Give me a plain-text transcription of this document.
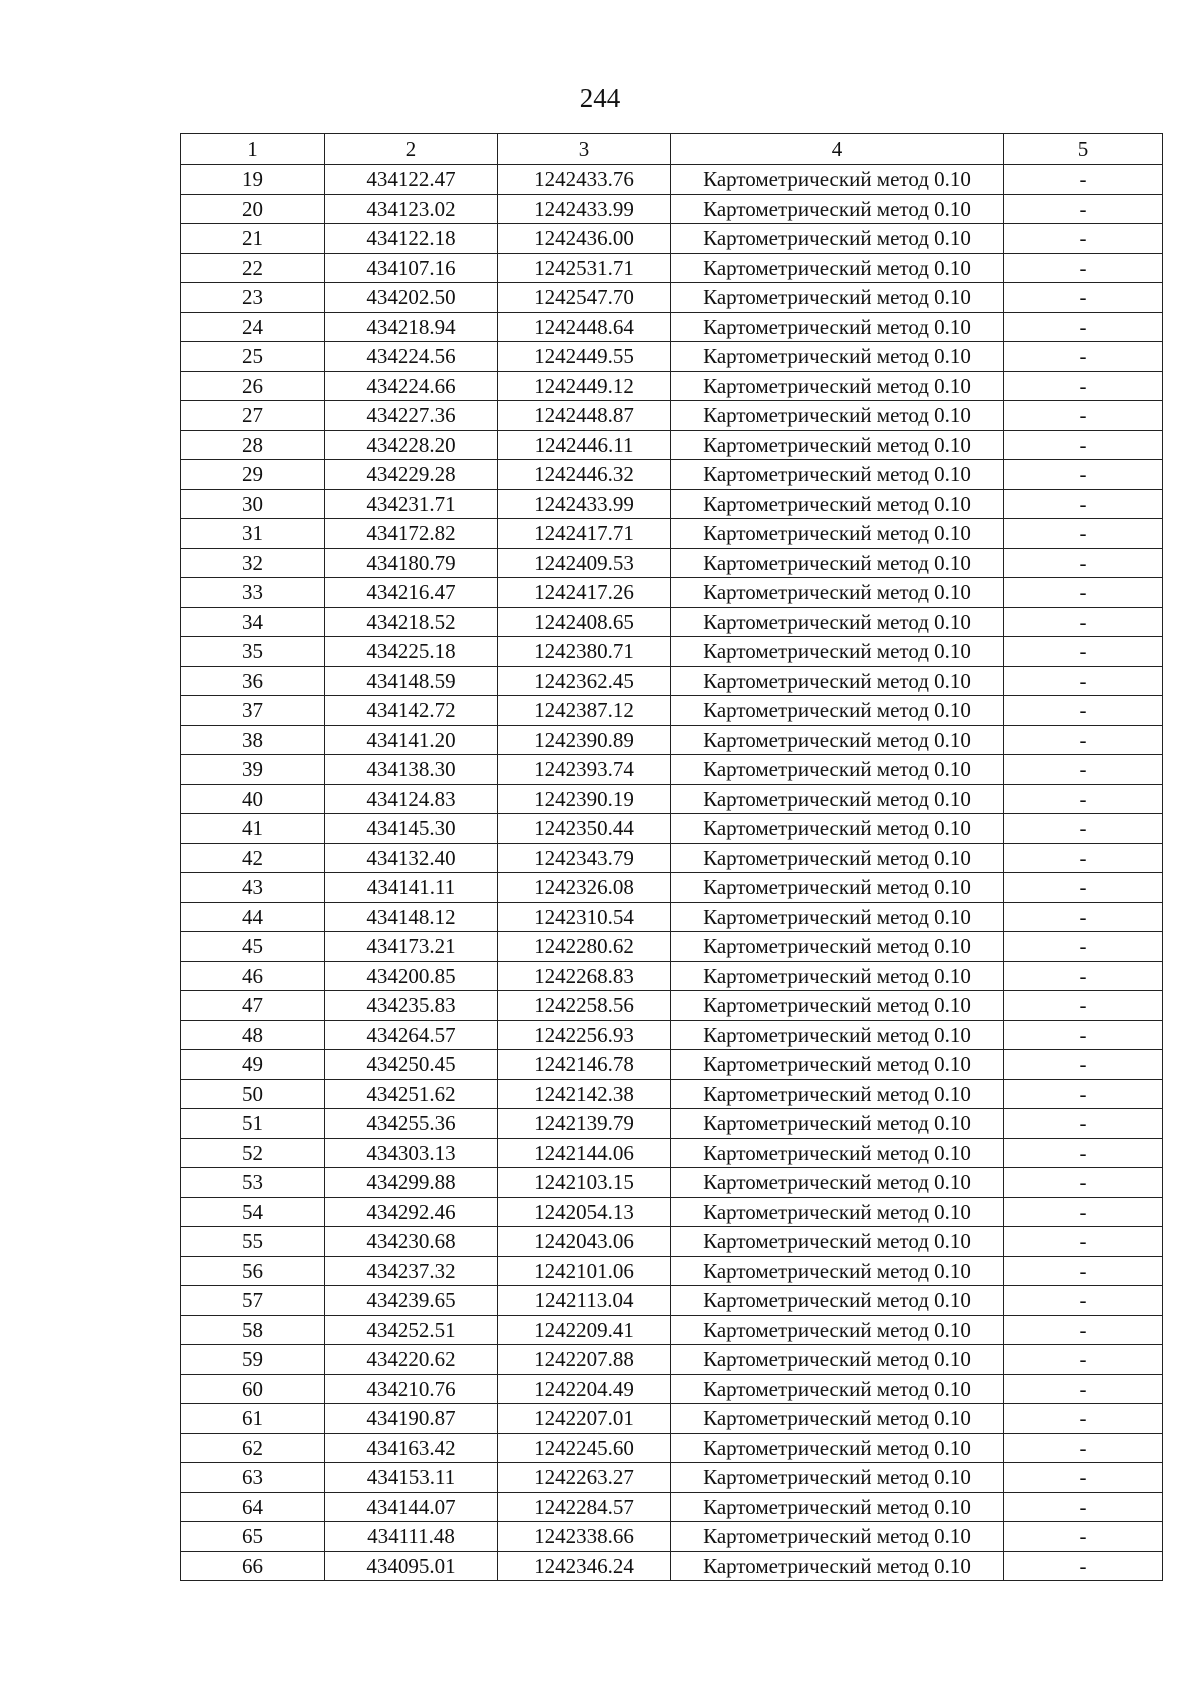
244
1	2	3	4	5
19	434122.47	1242433.76	Картометрический метод 0.10	-
20	434123.02	1242433.99	Картометрический метод 0.10	-
21	434122.18	1242436.00	Картометрический метод 0.10	-
22	434107.16	1242531.71	Картометрический метод 0.10	-
23	434202.50	1242547.70	Картометрический метод 0.10	-
24	434218.94	1242448.64	Картометрический метод 0.10	-
25	434224.56	1242449.55	Картометрический метод 0.10	-
26	434224.66	1242449.12	Картометрический метод 0.10	-
27	434227.36	1242448.87	Картометрический метод 0.10	-
28	434228.20	1242446.11	Картометрический метод 0.10	-
29	434229.28	1242446.32	Картометрический метод 0.10	-
30	434231.71	1242433.99	Картометрический метод 0.10	-
31	434172.82	1242417.71	Картометрический метод 0.10	-
32	434180.79	1242409.53	Картометрический метод 0.10	-
33	434216.47	1242417.26	Картометрический метод 0.10	-
34	434218.52	1242408.65	Картометрический метод 0.10	-
35	434225.18	1242380.71	Картометрический метод 0.10	-
36	434148.59	1242362.45	Картометрический метод 0.10	-
37	434142.72	1242387.12	Картометрический метод 0.10	-
38	434141.20	1242390.89	Картометрический метод 0.10	-
39	434138.30	1242393.74	Картометрический метод 0.10	-
40	434124.83	1242390.19	Картометрический метод 0.10	-
41	434145.30	1242350.44	Картометрический метод 0.10	-
42	434132.40	1242343.79	Картометрический метод 0.10	-
43	434141.11	1242326.08	Картометрический метод 0.10	-
44	434148.12	1242310.54	Картометрический метод 0.10	-
45	434173.21	1242280.62	Картометрический метод 0.10	-
46	434200.85	1242268.83	Картометрический метод 0.10	-
47	434235.83	1242258.56	Картометрический метод 0.10	-
48	434264.57	1242256.93	Картометрический метод 0.10	-
49	434250.45	1242146.78	Картометрический метод 0.10	-
50	434251.62	1242142.38	Картометрический метод 0.10	-
51	434255.36	1242139.79	Картометрический метод 0.10	-
52	434303.13	1242144.06	Картометрический метод 0.10	-
53	434299.88	1242103.15	Картометрический метод 0.10	-
54	434292.46	1242054.13	Картометрический метод 0.10	-
55	434230.68	1242043.06	Картометрический метод 0.10	-
56	434237.32	1242101.06	Картометрический метод 0.10	-
57	434239.65	1242113.04	Картометрический метод 0.10	-
58	434252.51	1242209.41	Картометрический метод 0.10	-
59	434220.62	1242207.88	Картометрический метод 0.10	-
60	434210.76	1242204.49	Картометрический метод 0.10	-
61	434190.87	1242207.01	Картометрический метод 0.10	-
62	434163.42	1242245.60	Картометрический метод 0.10	-
63	434153.11	1242263.27	Картометрический метод 0.10	-
64	434144.07	1242284.57	Картометрический метод 0.10	-
65	434111.48	1242338.66	Картометрический метод 0.10	-
66	434095.01	1242346.24	Картометрический метод 0.10	-
